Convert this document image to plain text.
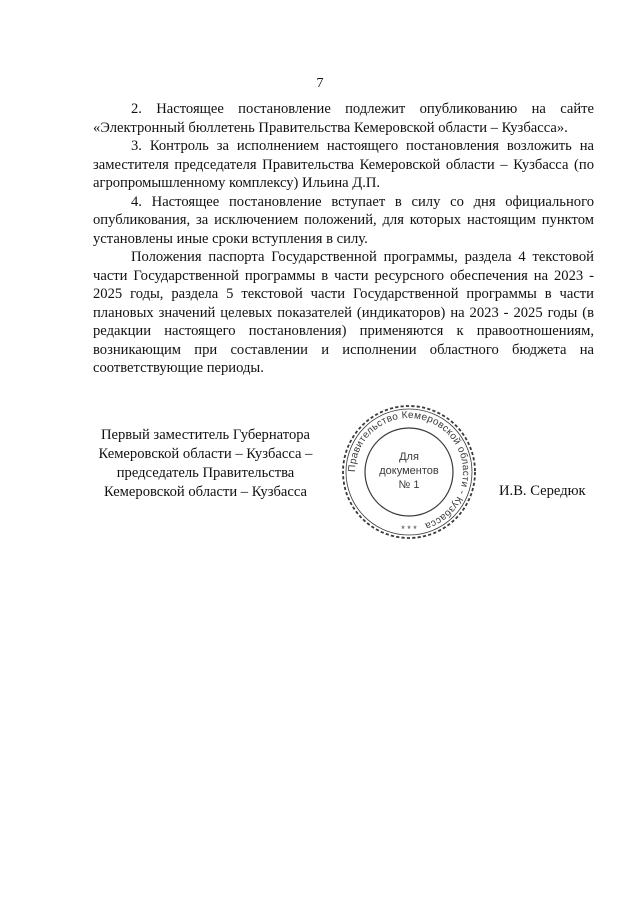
7

2. Настоящее постановление подлежит опубликованию на сайте «Электронный бюллетень Правительства Кемеровской области – Кузбасса».

3. Контроль за исполнением настоящего постановления возложить на заместителя председателя Правительства Кемеровской области – Кузбасса (по агропромышленному комплексу) Ильина Д.П.

4. Настоящее постановление вступает в силу со дня официального опубликования, за исключением положений, для которых настоящим пунктом установлены иные сроки вступления в силу.

Положения паспорта Государственной программы, раздела 4 текстовой части Государственной программы в части ресурсного обеспечения на 2023 - 2025 годы, раздела 5 текстовой части Государственной программы в части плановых значений целевых показателей (индикаторов) на 2023 - 2025 годы (в редакции настоящего постановления) применяются к правоотношениям, возникающим при составлении и исполнении областного бюджета на соответствующие периоды.

Первый заместитель Губернатора
Кемеровской области – Кузбасса –
председатель Правительства
Кемеровской области – Кузбасса
Правительство Кемеровской области - Кузбасса
* * *
Для
документов
№ 1	И.В. Середюк
